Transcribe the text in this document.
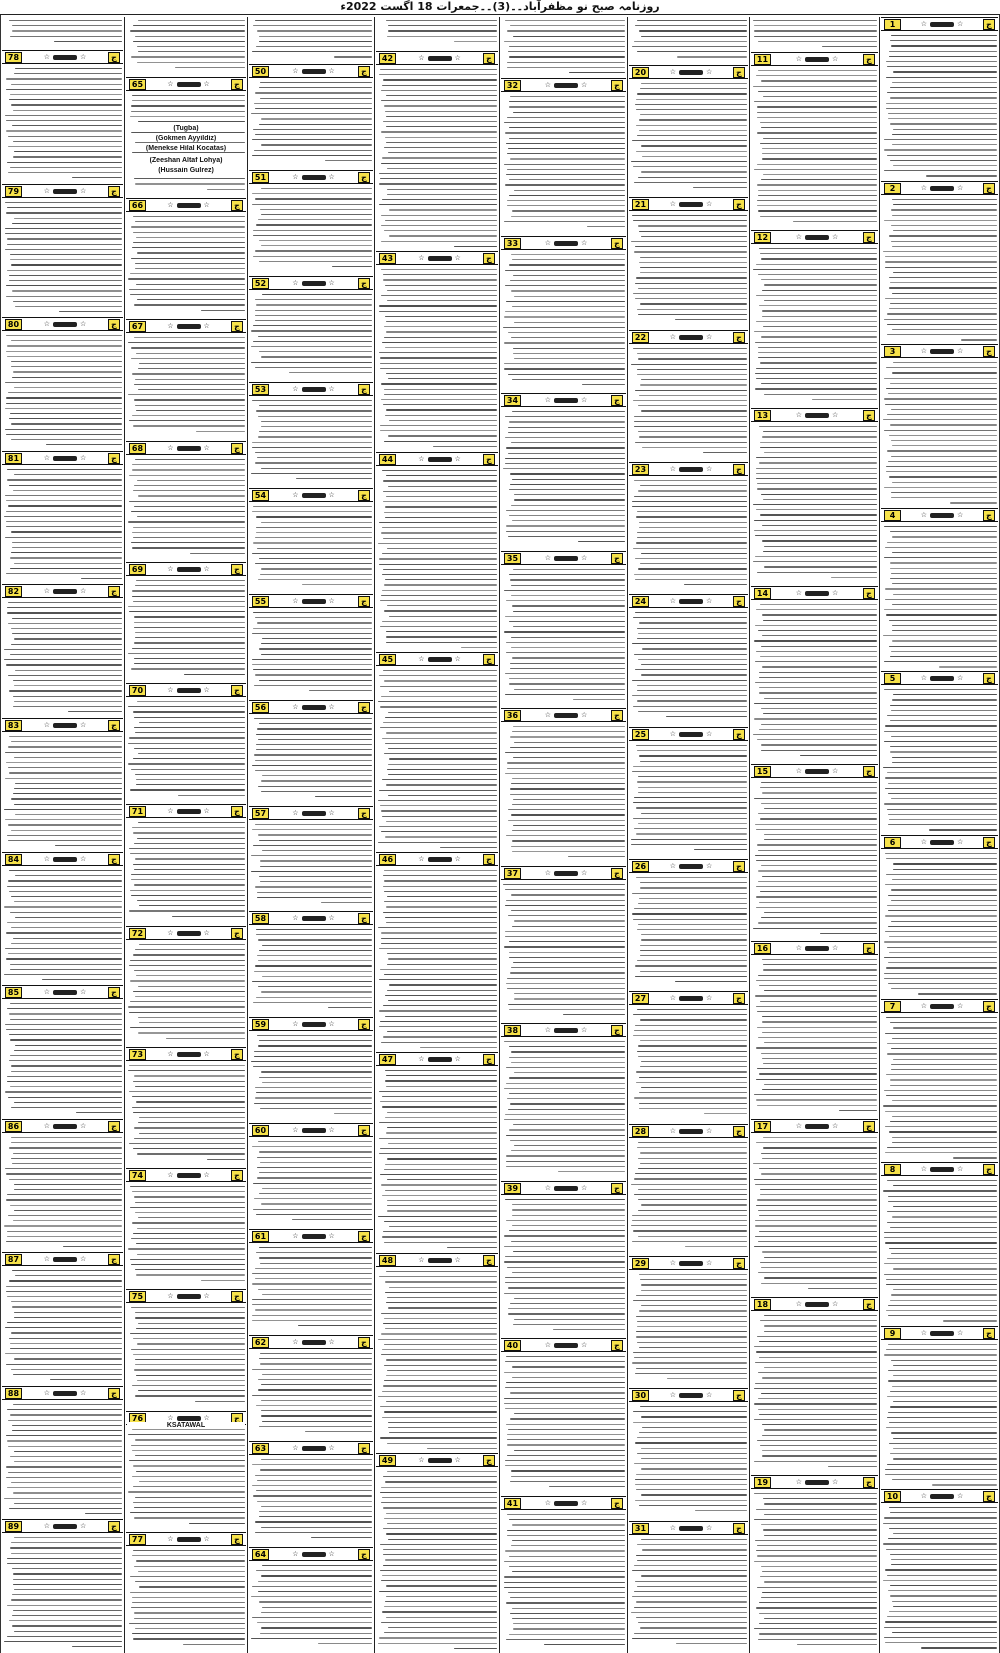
روزنامہ صبح نو مظفرآباد۔۔(3)۔۔جمعرات 18 اگست 2022ء
1	☆	☆	ج
2	☆	☆	ج
3	☆	☆	ج
4	☆	☆	ج
5	☆	☆	ج
6	☆	☆	ج
7	☆	☆	ج
8	☆	☆	ج
9	☆	☆	ج
10	☆	☆	ج
11	☆	☆	ج
12	☆	☆	ج
13	☆	☆	ج
14	☆	☆	ج
15	☆	☆	ج
16	☆	☆	ج
17	☆	☆	ج
18	☆	☆	ج
19	☆	☆	ج
20	☆	☆	ج
21	☆	☆	ج
22	☆	☆	ج
23	☆	☆	ج
24	☆	☆	ج
25	☆	☆	ج
26	☆	☆	ج
27	☆	☆	ج
28	☆	☆	ج
29	☆	☆	ج
30	☆	☆	ج
31	☆	☆	ج
32	☆	☆	ج
33	☆	☆	ج
34	☆	☆	ج
35	☆	☆	ج
36	☆	☆	ج
37	☆	☆	ج
38	☆	☆	ج
39	☆	☆	ج
40	☆	☆	ج
41	☆	☆	ج
42	☆	☆	ج
43	☆	☆	ج
44	☆	☆	ج
45	☆	☆	ج
46	☆	☆	ج
47	☆	☆	ج
48	☆	☆	ج
49	☆	☆	ج
50	☆	☆	ج
51	☆	☆	ج
52	☆	☆	ج
53	☆	☆	ج
54	☆	☆	ج
55	☆	☆	ج
56	☆	☆	ج
57	☆	☆	ج
58	☆	☆	ج
59	☆	☆	ج
60	☆	☆	ج
61	☆	☆	ج
62	☆	☆	ج
63	☆	☆	ج
64	☆	☆	ج
65	☆	☆	ج
66	☆	☆	ج
67	☆	☆	ج
68	☆	☆	ج
69	☆	☆	ج
70	☆	☆	ج
71	☆	☆	ج
72	☆	☆	ج
73	☆	☆	ج
74	☆	☆	ج
75	☆	☆	ج
76	☆	☆	ج
77	☆	☆	ج
(Tugba)
(Gokmen Ayyildiz)
(Menekse Hilal Kocatas)
(Zeeshan Altaf Lohya)
(Hussain Gulrez)
KSATAWAL
78	☆	☆	ج
79	☆	☆	ج
80	☆	☆	ج
81	☆	☆	ج
82	☆	☆	ج
83	☆	☆	ج
84	☆	☆	ج
85	☆	☆	ج
86	☆	☆	ج
87	☆	☆	ج
88	☆	☆	ج
89	☆	☆	ج
